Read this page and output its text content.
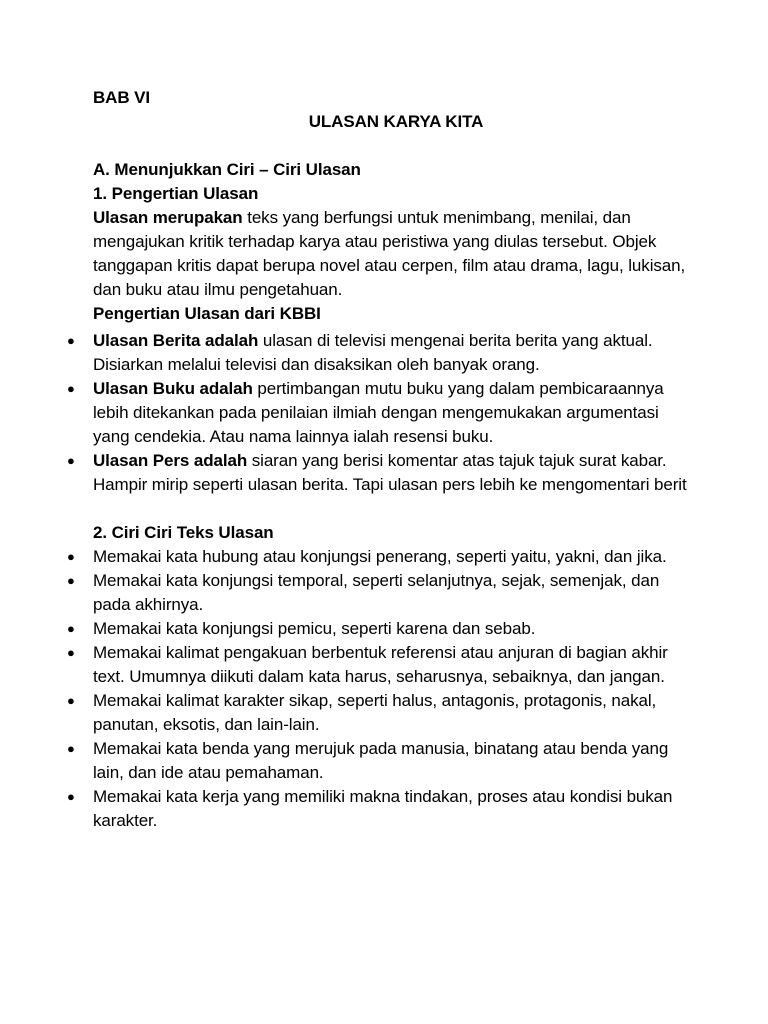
BAB VI
ULASAN KARYA KITA
A. Menunjukkan Ciri – Ciri Ulasan
1. Pengertian Ulasan
Ulasan merupakan teks yang berfungsi untuk menimbang, menilai, dan mengajukan kritik terhadap karya atau peristiwa yang diulas tersebut. Objek tanggapan kritis dapat berupa novel atau cerpen, film atau drama, lagu, lukisan, dan buku atau ilmu pengetahuan.
Pengertian Ulasan dari KBBI
● Ulasan Berita adalah ulasan di televisi mengenai berita berita yang aktual. Disiarkan melalui televisi dan disaksikan oleh banyak orang.
● Ulasan Buku adalah pertimbangan mutu buku yang dalam pembicaraannya lebih ditekankan pada penilaian ilmiah dengan mengemukakan argumentasi yang cendekia. Atau nama lainnya ialah resensi buku.
● Ulasan Pers adalah siaran yang berisi komentar atas tajuk tajuk surat kabar. Hampir mirip seperti ulasan berita. Tapi ulasan pers lebih ke mengomentari berit
2. Ciri Ciri Teks Ulasan
● Memakai kata hubung atau konjungsi penerang, seperti yaitu, yakni, dan jika.
● Memakai kata konjungsi temporal, seperti selanjutnya, sejak, semenjak, dan pada akhirnya.
● Memakai kata konjungsi pemicu, seperti karena dan sebab.
● Memakai kalimat pengakuan berbentuk referensi atau anjuran di bagian akhir text. Umumnya diikuti dalam kata harus, seharusnya, sebaiknya, dan jangan.
● Memakai kalimat karakter sikap, seperti halus, antagonis, protagonis, nakal, panutan, eksotis, dan lain-lain.
● Memakai kata benda yang merujuk pada manusia, binatang atau benda yang lain, dan ide atau pemahaman.
● Memakai kata kerja yang memiliki makna tindakan, proses atau kondisi bukan karakter.
